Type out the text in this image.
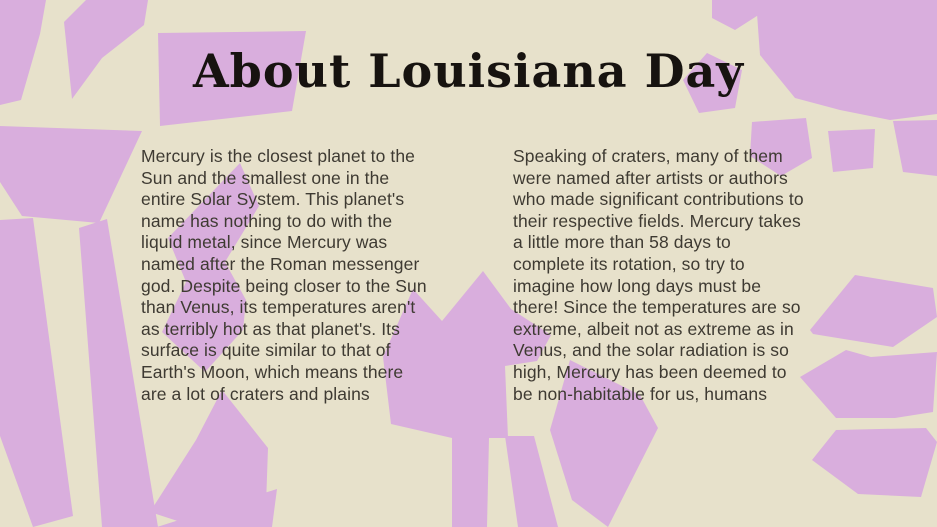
About Louisiana Day
Mercury is the closest planet to the Sun and the smallest one in the entire Solar System. This planet's name has nothing to do with the liquid metal, since Mercury was named after the Roman messenger god. Despite being closer to the Sun than Venus, its temperatures aren't as terribly hot as that planet's. Its surface is quite similar to that of Earth's Moon, which means there are a lot of craters and plains
Speaking of craters, many of them were named after artists or authors who made significant contributions to their respective fields. Mercury takes a little more than 58 days to complete its rotation, so try to imagine how long days must be there! Since the temperatures are so extreme, albeit not as extreme as in Venus, and the solar radiation is so high, Mercury has been deemed to be non-habitable for us, humans
